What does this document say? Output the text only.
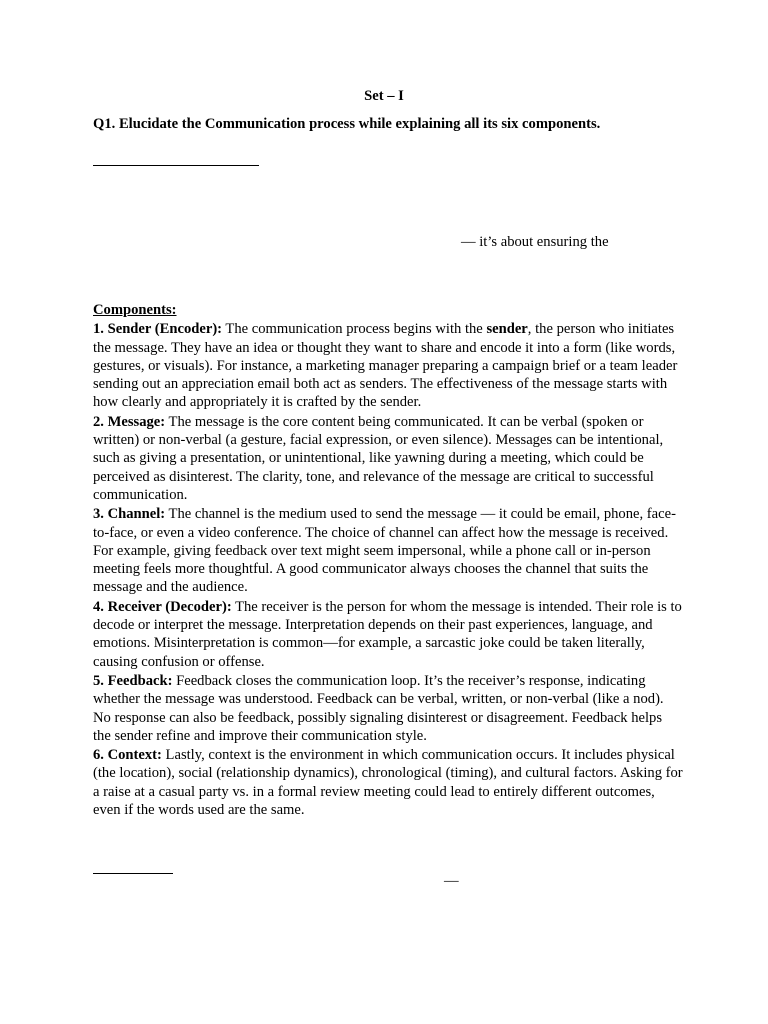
Set – I
Q1. Elucidate the Communication process while explaining all its six components.
— it’s about ensuring the
Components:

1. Sender (Encoder): The communication process begins with the sender, the person who initiates the message. They have an idea or thought they want to share and encode it into a form (like words, gestures, or visuals). For instance, a marketing manager preparing a campaign brief or a team leader sending out an appreciation email both act as senders. The effectiveness of the message starts with how clearly and appropriately it is crafted by the sender.

2. Message: The message is the core content being communicated. It can be verbal (spoken or written) or non-verbal (a gesture, facial expression, or even silence). Messages can be intentional, such as giving a presentation, or unintentional, like yawning during a meeting, which could be perceived as disinterest. The clarity, tone, and relevance of the message are critical to successful communication.

3. Channel: The channel is the medium used to send the message — it could be email, phone, face-to-face, or even a video conference. The choice of channel can affect how the message is received. For example, giving feedback over text might seem impersonal, while a phone call or in-person meeting feels more thoughtful. A good communicator always chooses the channel that suits the message and the audience.

4. Receiver (Decoder): The receiver is the person for whom the message is intended. Their role is to decode or interpret the message. Interpretation depends on their past experiences, language, and emotions. Misinterpretation is common—for example, a sarcastic joke could be taken literally, causing confusion or offense.

5. Feedback: Feedback closes the communication loop. It’s the receiver’s response, indicating whether the message was understood. Feedback can be verbal, written, or non-verbal (like a nod). No response can also be feedback, possibly signaling disinterest or disagreement. Feedback helps the sender refine and improve their communication style.

6. Context: Lastly, context is the environment in which communication occurs. It includes physical (the location), social (relationship dynamics), chronological (timing), and cultural factors. Asking for a raise at a casual party vs. in a formal review meeting could lead to entirely different outcomes, even if the words used are the same.

—
